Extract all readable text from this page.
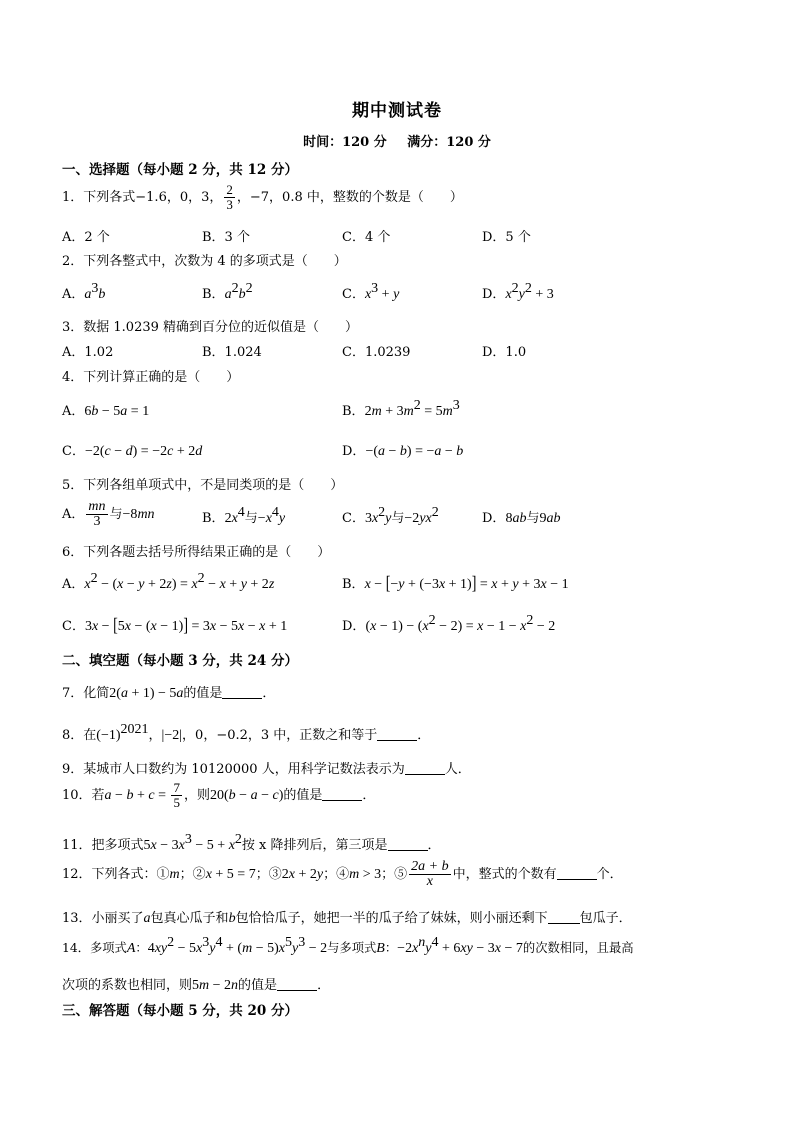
期中测试卷
时间：120 分 满分：120 分
一、选择题（每小题 2 分，共 12 分）
1．下列各式−1.6，0，3， $\frac{2}{3}$ ，−7，0.8 中，整数的个数是（　　）
A．2 个	B．3 个	C．4 个	D．5 个
2．下列各整式中，次数为 4 的多项式是（　　）
A．$a^3b$	B．$a^2b^2$	C．$x^3 + y$	D．$x^2y^2 + 3$
3．数据 1.0239 精确到百分位的近似值是（　　）
A．1.02	B．1.024	C．1.0239	D．1.0
4．下列计算正确的是（　　）
A．6b − 5a = 1	B．$2m + 3m^2 = 5m^3$
C．−2(c − d) = −2c + 2d	D．−(a − b) = −a − b
5．下列各组单项式中，不是同类项的是（　　）
A． $\frac{mn}{3}$ 与−8mn	B．$2x^4$与$-x^4y$	C．$3x^2y$与$-2yx^2$	D．8ab与9ab
6．下列各题去括号所得结果正确的是（　　）
A．$x^2 - (x - y + 2z) = x^2 - x + y + 2z$	B．x − [−y + (−3x + 1)] = x + y + 3x − 1
C．3x − [5x − (x − 1)] = 3x − 5x − x + 1	D．$(x - 1) - (x^2 - 2) = x - 1 - x^2 - 2$
二、填空题（每小题 3 分，共 24 分）
7．化简2(a + 1) − 5a的值是	．
8．在$(-1)^{2021}$，|−2|，0，−0.2，3 中，正数之和等于	．
9．某城市人口数约为 10120000 人，用科学记数法表示为	人．
10．若$a - b + c = \frac{7}{5}$ ，则20(b − a − c)的值是	．
11．把多项式$5x - 3x^3 - 5 + x^2$按 x 降排列后，第三项是	．
12．下列各式：①m；②x + 5 = 7；③2x + 2y；④m > 3；⑤ $\frac{2a + b}{x}$ 中，整式的个数有	个．
13．小丽买了a包真心瓜子和b包恰恰瓜子，她把一半的瓜子给了妹妹，则小丽还剩下 包瓜子．
14．多项式A：$4xy^2 - 5x^3y^4 + (m - 5)x^5y^3 - 2$与多项式B：$-2x^ny^4 + 6xy - 3x - 7$的次数相同，且最高
次项的系数也相同，则5m − 2n的值是	．
三、解答题（每小题 5 分，共 20 分）
